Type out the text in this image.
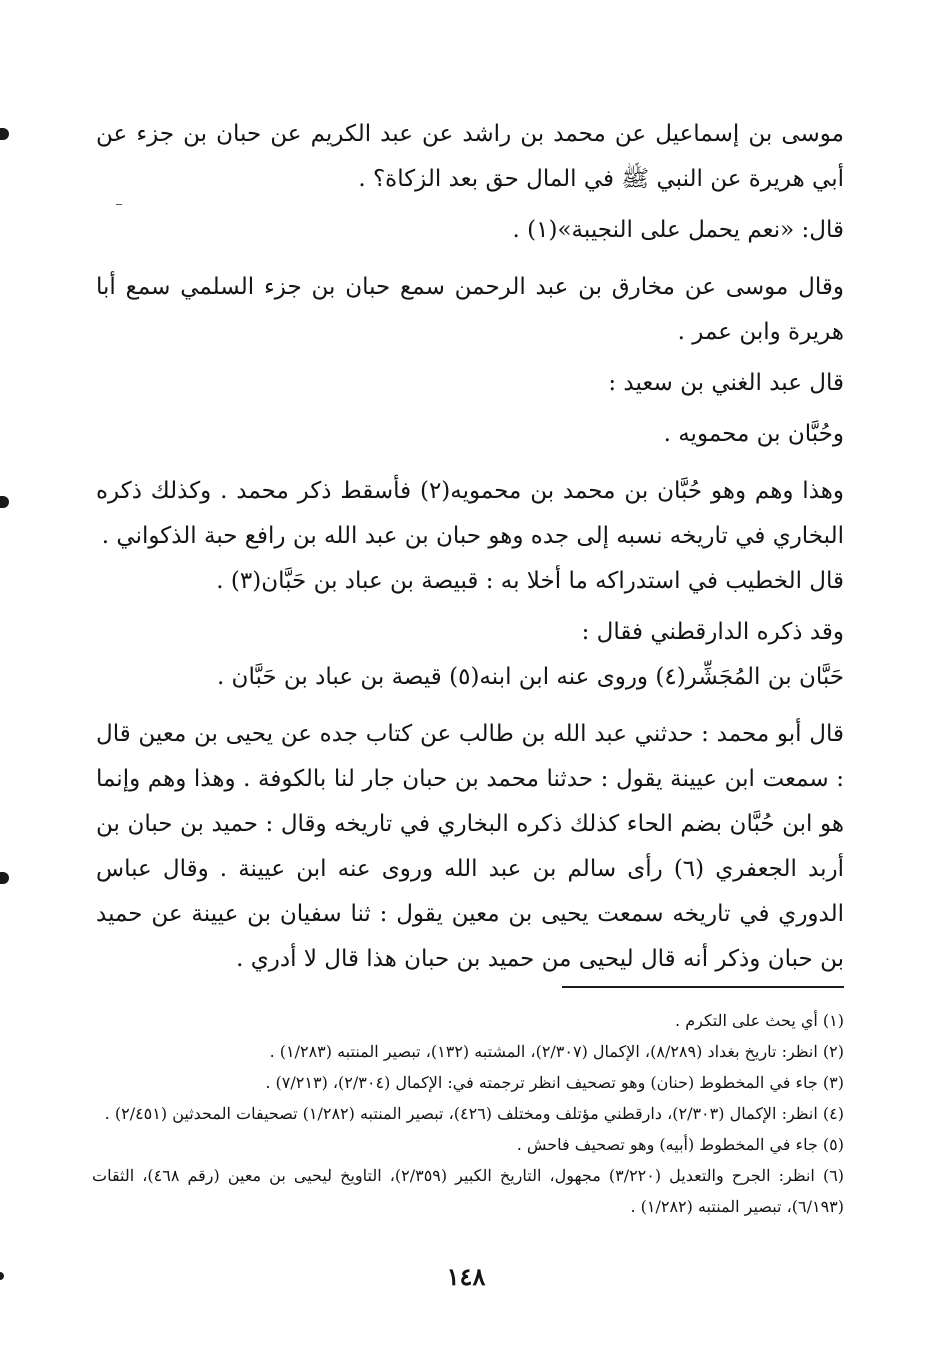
موسى بن إسماعيل عن محمد بن راشد عن عبد الكريم عن حبان بن جزء عن أبي هريرة عن النبي ﷺ في المال حق بعد الزكاة؟ .

قال: «نعم يحمل على النجيبة»(١) .

وقال موسى عن مخارق بن عبد الرحمن سمع حبان بن جزء السلمي سمع أبا هريرة وابن عمر .

قال عبد الغني بن سعيد :

وحُبَّان بن محمويه .

وهذا وهم وهو حُبَّان بن محمد بن محمويه(٢) فأسقط ذكر محمد . وكذلك ذكره البخاري في تاريخه نسبه إلى جده وهو حبان بن عبد الله بن رافع حبة الذكواني .

قال الخطيب في استدراكه ما أخلا به : قبيصة بن عباد بن حَبَّان(٣) .

وقد ذكره الدارقطني فقال :

حَبَّان بن المُجَشِّر(٤) وروى عنه ابن ابنه(٥) قيصة بن عباد بن حَبَّان .

قال أبو محمد : حدثني عبد الله بن طالب عن كتاب جده عن يحيى بن معين قال : سمعت ابن عيينة يقول : حدثنا محمد بن حبان جار لنا بالكوفة . وهذا وهم وإنما هو ابن حُبَّان بضم الحاء كذلك ذكره البخاري في تاريخه وقال : حميد بن حبان بن أربد الجعفري (٦) رأى سالم بن عبد الله وروى عنه ابن عيينة . وقال عباس الدوري في تاريخه سمعت يحيى بن معين يقول : ثنا سفيان بن عيينة عن حميد بن حبان وذكر أنه قال ليحيى من حميد بن حبان هذا قال لا أدري .

(١) أي يحث على التكرم .

(٢) انظر: تاريخ بغداد (٨/٢٨٩)، الإكمال (٢/٣٠٧)، المشتبه (١٣٢)، تبصير المنتبه (١/٢٨٣) .

(٣) جاء في المخطوط (حنان) وهو تصحيف انظر ترجمته في: الإكمال (٢/٣٠٤)، (٧/٢١٣) .

(٤) انظر: الإكمال (٢/٣٠٣)، دارقطني مؤتلف ومختلف (٤٢٦)، تبصير المنتبه (١/٢٨٢) تصحيفات المحدثين (٢/٤٥١) .

(٥) جاء في المخطوط (أبيه) وهو تصحيف فاحش .

(٦) انظر: الجرح والتعديل (٣/٢٢٠) مجهول، التاريخ الكبير (٢/٣٥٩)، التاويخ ليحيى بن معين (رقم ٤٦٨)، الثقات (٦/١٩٣)، تبصير المنتبه (١/٢٨٢) .

١٤٨
